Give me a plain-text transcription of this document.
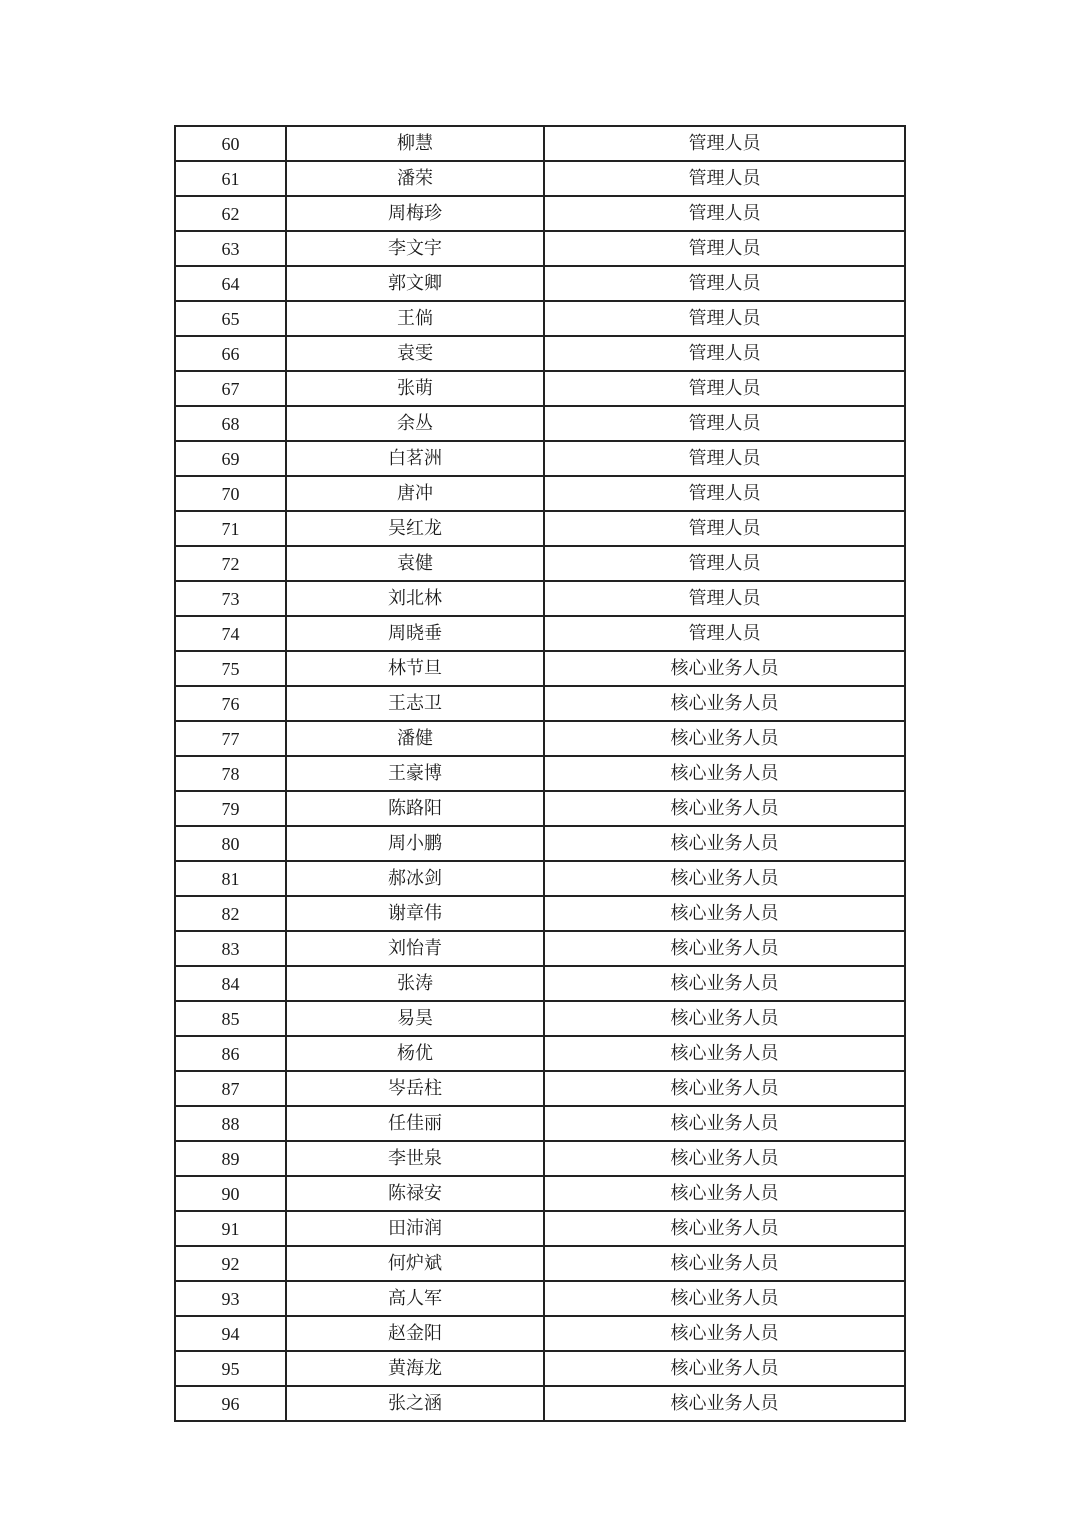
60	柳慧	管理人员
61	潘荣	管理人员
62	周梅珍	管理人员
63	李文宇	管理人员
64	郭文卿	管理人员
65	王倘	管理人员
66	袁雯	管理人员
67	张萌	管理人员
68	余丛	管理人员
69	白茗洲	管理人员
70	唐冲	管理人员
71	吴红龙	管理人员
72	袁健	管理人员
73	刘北林	管理人员
74	周晓垂	管理人员
75	林节旦	核心业务人员
76	王志卫	核心业务人员
77	潘健	核心业务人员
78	王豪博	核心业务人员
79	陈路阳	核心业务人员
80	周小鹏	核心业务人员
81	郝冰剑	核心业务人员
82	谢章伟	核心业务人员
83	刘怡青	核心业务人员
84	张涛	核心业务人员
85	易昊	核心业务人员
86	杨优	核心业务人员
87	岑岳柱	核心业务人员
88	任佳丽	核心业务人员
89	李世泉	核心业务人员
90	陈禄安	核心业务人员
91	田沛润	核心业务人员
92	何炉斌	核心业务人员
93	高人军	核心业务人员
94	赵金阳	核心业务人员
95	黄海龙	核心业务人员
96	张之涵	核心业务人员
